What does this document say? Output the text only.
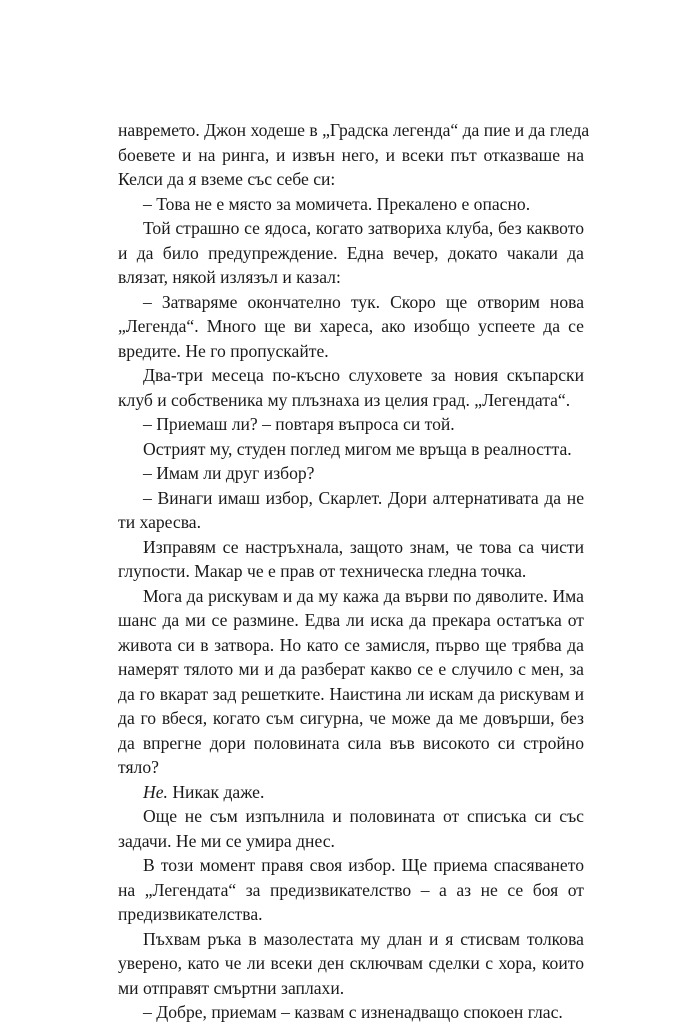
навремето. Джон ходеше в „Градска легенда“ да пие и да гледа
боевете и на ринга, и извън него, и всеки път отказваше на
Келси да я вземе със себе си:
– Това не е място за момичета. Прекалено е опасно.
Той страшно се ядоса, когато затвориха клуба, без каквото
и да било предупреждение. Една вечер, докато чакали да
влязат, някой излязъл и казал:
– Затваряме окончателно тук. Скоро ще отворим нова
„Легенда“. Много ще ви хареса, ако изобщо успеете да се
вредите. Не го пропускайте.
Два-три месеца по-късно слуховете за новия скъпарски
клуб и собственика му плъзнаха из целия град. „Легендата“.
– Приемаш ли? – повтаря въпроса си той.
Острият му, студен поглед мигом ме връща в реалността.
– Имам ли друг избор?
– Винаги имаш избор, Скарлет. Дори алтернативата да не
ти харесва.
Изправям се настръхнала, защото знам, че това са чисти
глупости. Макар че е прав от техническа гледна точка.
Мога да рискувам и да му кажа да върви по дяволите. Има
шанс да ми се размине. Едва ли иска да прекара остатъка от
живота си в затвора. Но като се замисля, първо ще трябва да
намерят тялото ми и да разберат какво се е случило с мен, за
да го вкарат зад решетките. Наистина ли искам да рискувам и
да го вбеся, когато съм сигурна, че може да ме довърши, без
да впрегне дори половината сила във високото си стройно
тяло?
Не. Никак даже.
Още не съм изпълнила и половината от списъка си със
задачи. Не ми се умира днес.
В този момент правя своя избор. Ще приема спасяването
на „Легендата“ за предизвикателство – а аз не се боя от
предизвикателства.
Пъхвам ръка в мазолестата му длан и я стисвам толкова
уверено, като че ли всеки ден сключвам сделки с хора, които
ми отправят смъртни заплахи.
– Добре, приемам – казвам с изненадващо спокоен глас.
